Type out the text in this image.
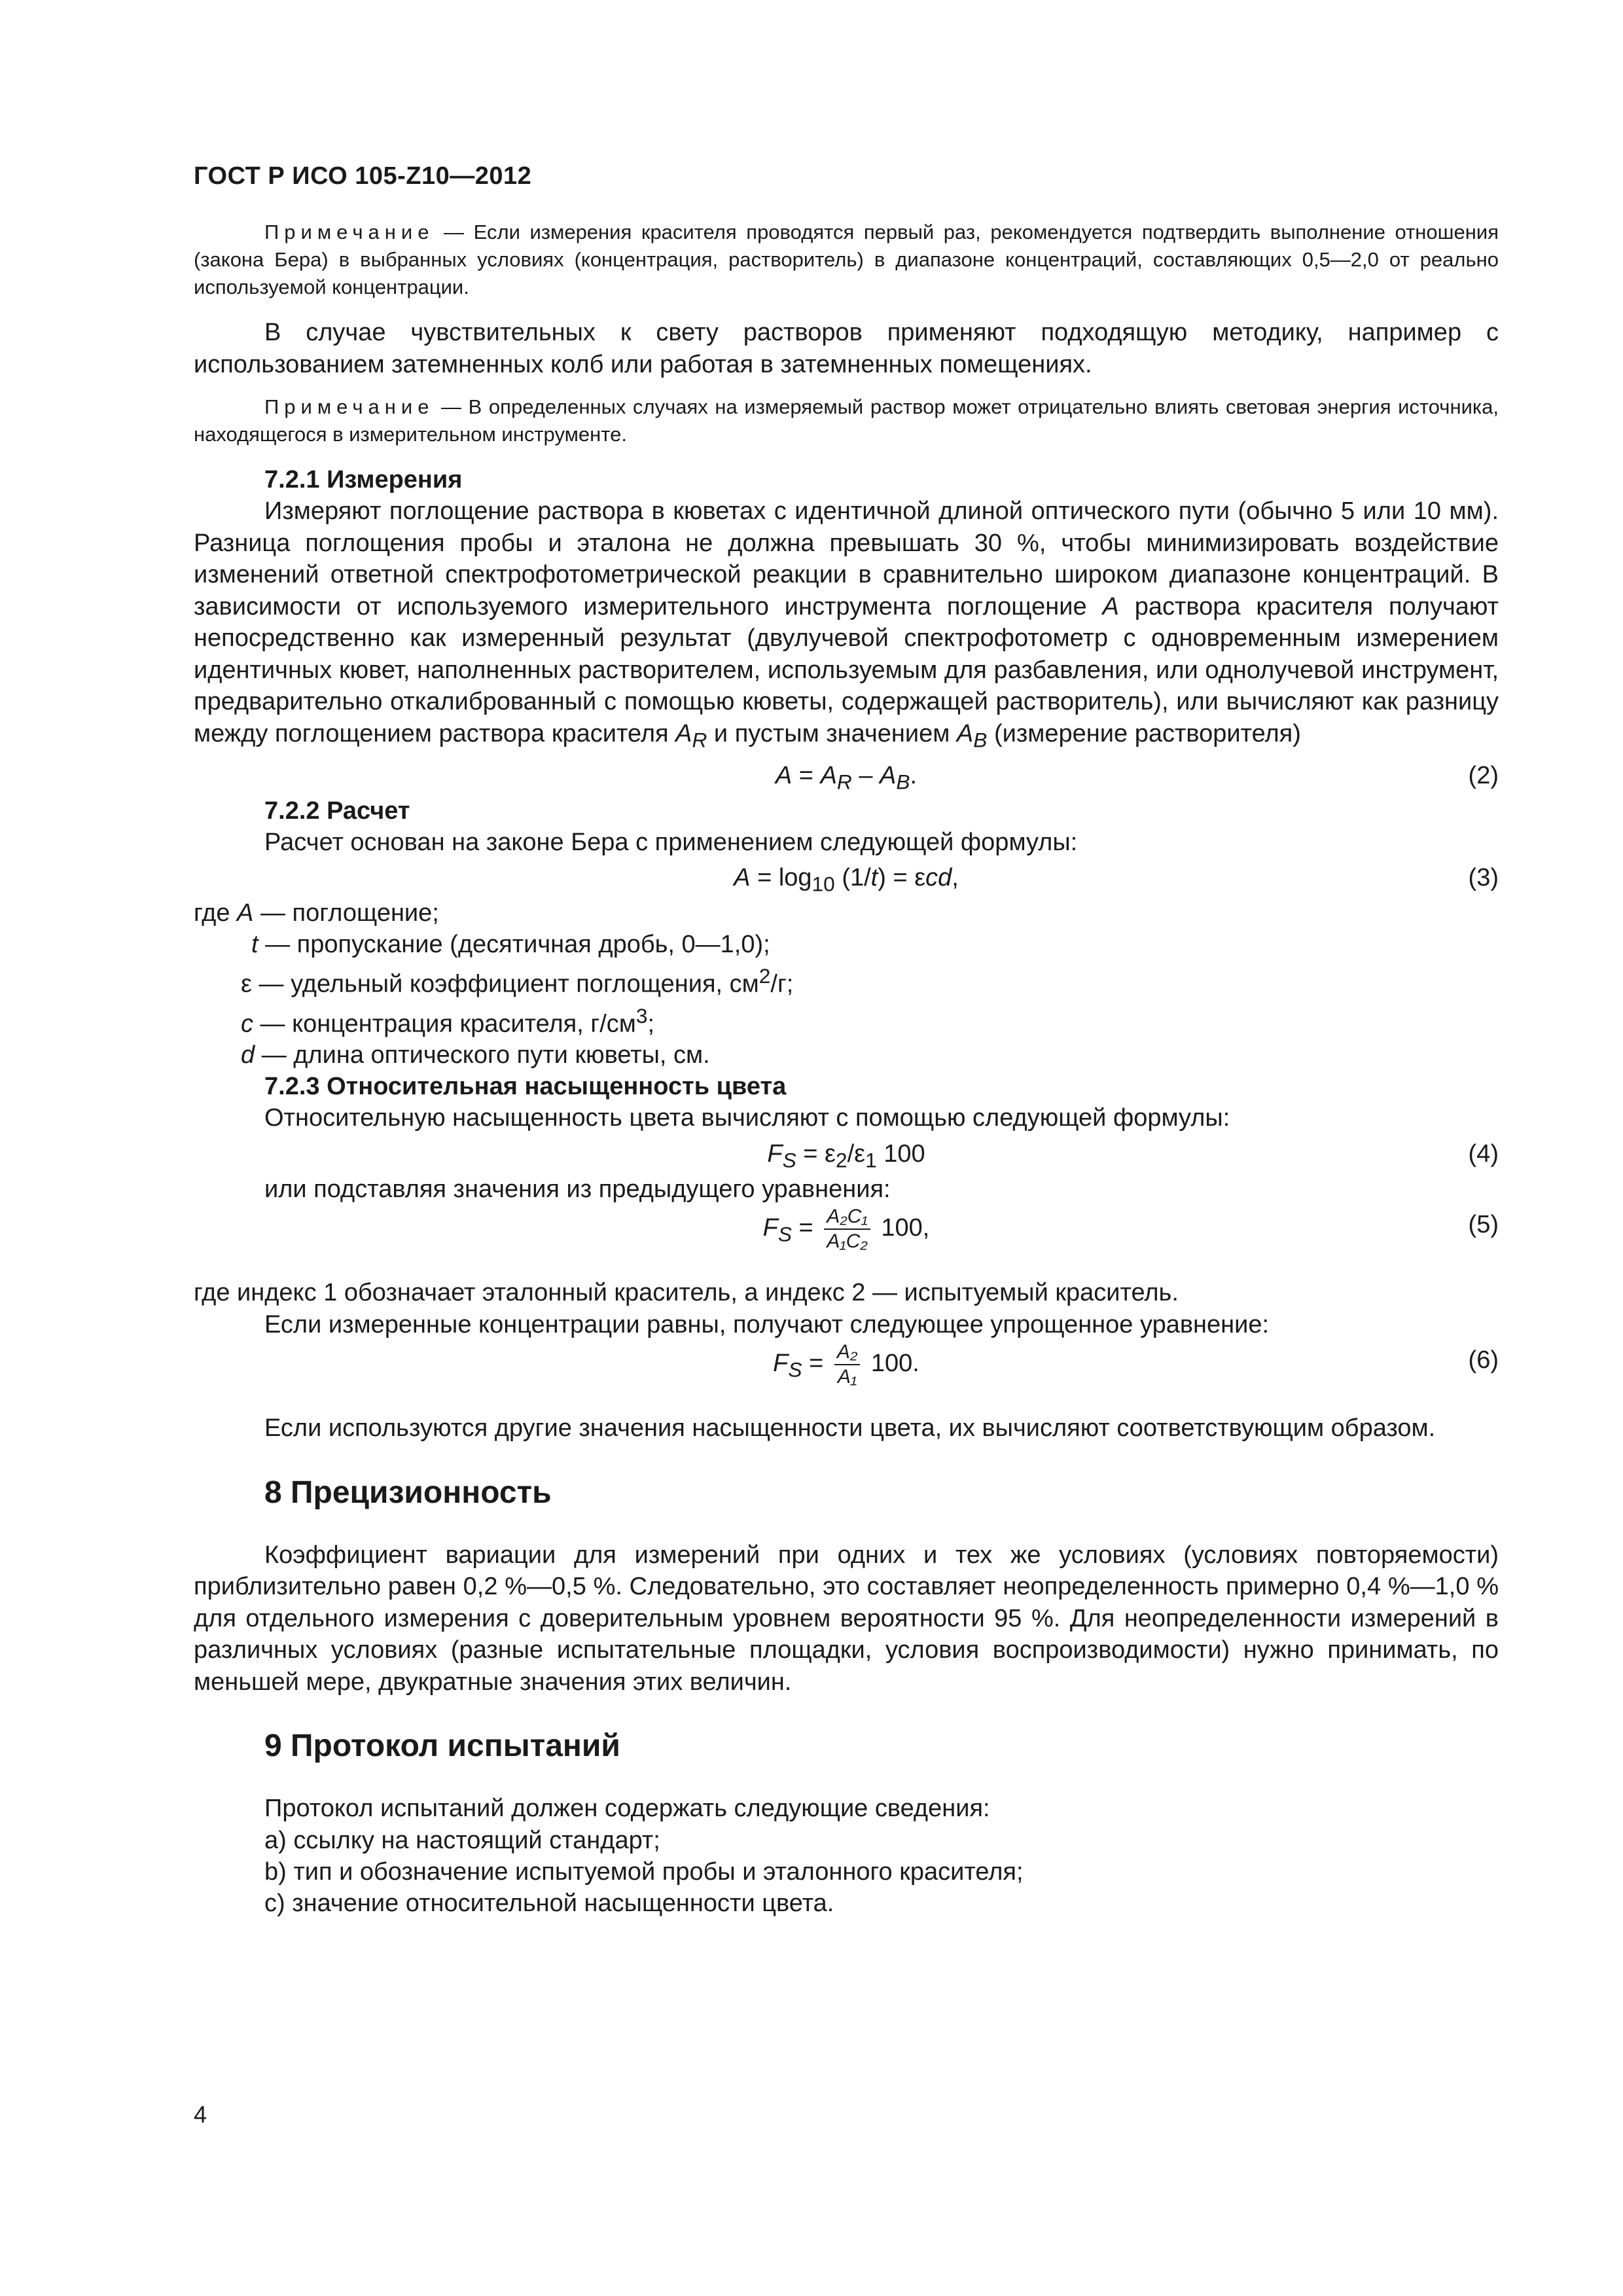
ГОСТ Р ИСО 105-Z10—2012

Примечание — Если измерения красителя проводятся первый раз, рекомендуется подтвердить выполнение отношения (закона Бера) в выбранных условиях (концентрация, растворитель) в диапазоне концентраций, составляющих 0,5—2,0 от реально используемой концентрации.

В случае чувствительных к свету растворов применяют подходящую методику, например с использованием затемненных колб или работая в затемненных помещениях.

Примечание — В определенных случаях на измеряемый раствор может отрицательно влиять световая энергия источника, находящегося в измерительном инструменте.

7.2.1 Измерения

Измеряют поглощение раствора в кюветах с идентичной длиной оптического пути (обычно 5 или 10 мм). Разница поглощения пробы и эталона не должна превышать 30 %, чтобы минимизировать воздействие изменений ответной спектрофотометрической реакции в сравнительно широком диапазоне концентраций. В зависимости от используемого измерительного инструмента поглощение A раствора красителя получают непосредственно как измеренный результат (двулучевой спектрофотометр с одновременным измерением идентичных кювет, наполненных растворителем, используемым для разбавления, или однолучевой инструмент, предварительно откалиброванный с помощью кюветы, содержащей растворитель), или вычисляют как разницу между поглощением раствора красителя $A_R$ и пустым значением $A_B$ (измерение растворителя)

$A = A_R - A_B$.	(2)
7.2.2 Расчет

Расчет основан на законе Бера с применением следующей формулы:

$A = \log_{10} (1/t) = \varepsilon cd$,	(3)
где A — поглощение;
t — пропускание (десятичная дробь, 0—1,0);
ε — удельный коэффициент поглощения, $см^2/г$;
c — концентрация красителя, $г/см^3$;
d — длина оптического пути кюветы, см.
7.2.3 Относительная насыщенность цвета

Относительную насыщенность цвета вычисляют с помощью следующей формулы:

$F_S = \varepsilon_2/\varepsilon_1$ 100	(4)

или подставляя значения из предыдущего уравнения:

$F_S = \frac{\text{A₂C₁}}{\text{A₁C₂}} 100$,	(5)

где индекс 1 обозначает эталонный краситель, а индекс 2 — испытуемый краситель.

Если измеренные концентрации равны, получают следующее упрощенное уравнение:

$F_S = \frac{\text{A₂}}{\text{A₁}} 100$.	(6)

Если используются другие значения насыщенности цвета, их вычисляют соответствующим образом.

8 Прецизионность

Коэффициент вариации для измерений при одних и тех же условиях (условиях повторяемости) приблизительно равен 0,2 %—0,5 %. Следовательно, это составляет неопределенность примерно 0,4 %—1,0 % для отдельного измерения с доверительным уровнем вероятности 95 %. Для неопределенности измерений в различных условиях (разные испытательные площадки, условия воспроизводимости) нужно принимать, по меньшей мере, двукратные значения этих величин.

9 Протокол испытаний

Протокол испытаний должен содержать следующие сведения:

a) ссылку на настоящий стандарт;
b) тип и обозначение испытуемой пробы и эталонного красителя;
c) значение относительной насыщенности цвета.
4
